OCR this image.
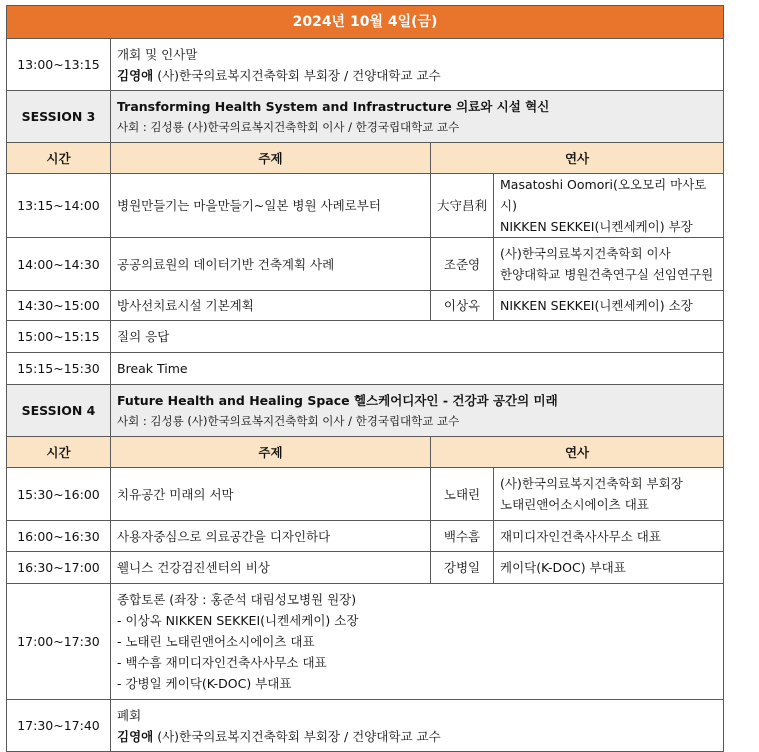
2024년 10월 4일(금)			
13:00~13:15	개회 및 인사말
김영애 (사)한국의료복지건축학회 부회장 / 건양대학교 교수		

SESSION 3	Transforming Health System and Infrastructure 의료와 시설 혁신
사회 : 김성룡 (사)한국의료복지건축학회 이사 / 한경국립대학교 교수		

시간	주제	연사	
13:15~14:00	병원만들기는 마을만들기~일본 병원 사례로부터	大守昌利	Masatoshi Oomori(오오모리 마사토시)
NIKKEN SEKKEI(니켄세케이) 부장

14:00~14:30	공공의료원의 데이터기반 건축계획 사례	조준영	(사)한국의료복지건축학회 이사
한양대학교 병원건축연구실 선임연구원

14:30~15:00	방사선치료시설 기본계획	이상옥	NIKKEN SEKKEI(니켄세케이) 소장
15:00~15:15	질의 응답		
15:15~15:30	Break Time		
SESSION 4	Future Health and Healing Space 헬스케어디자인 - 건강과 공간의 미래
사회 : 김성룡 (사)한국의료복지건축학회 이사 / 한경국립대학교 교수		

시간	주제	연사	
15:30~16:00	치유공간 미래의 서막	노태린	(사)한국의료복지건축학회 부회장
노태린앤어소시에이츠 대표

16:00~16:30	사용자중심으로 의료공간을 디자인하다	백수흠	재미디자인건축사사무소 대표
16:30~17:00	웰니스 건강검진센터의 비상	강병일	케이닥(K-DOC) 부대표
17:00~17:30	종합토론 (좌장 : 홍준석 대림성모병원 원장)
- 이상옥 NIKKEN SEKKEI(니켄세케이) 소장
- 노태린 노태린앤어소시에이츠 대표
- 백수흠 재미디자인건축사사무소 대표
- 강병일 케이닥(K-DOC) 부대표		

17:30~17:40	폐회
김영애 (사)한국의료복지건축학회 부회장 / 건양대학교 교수		
